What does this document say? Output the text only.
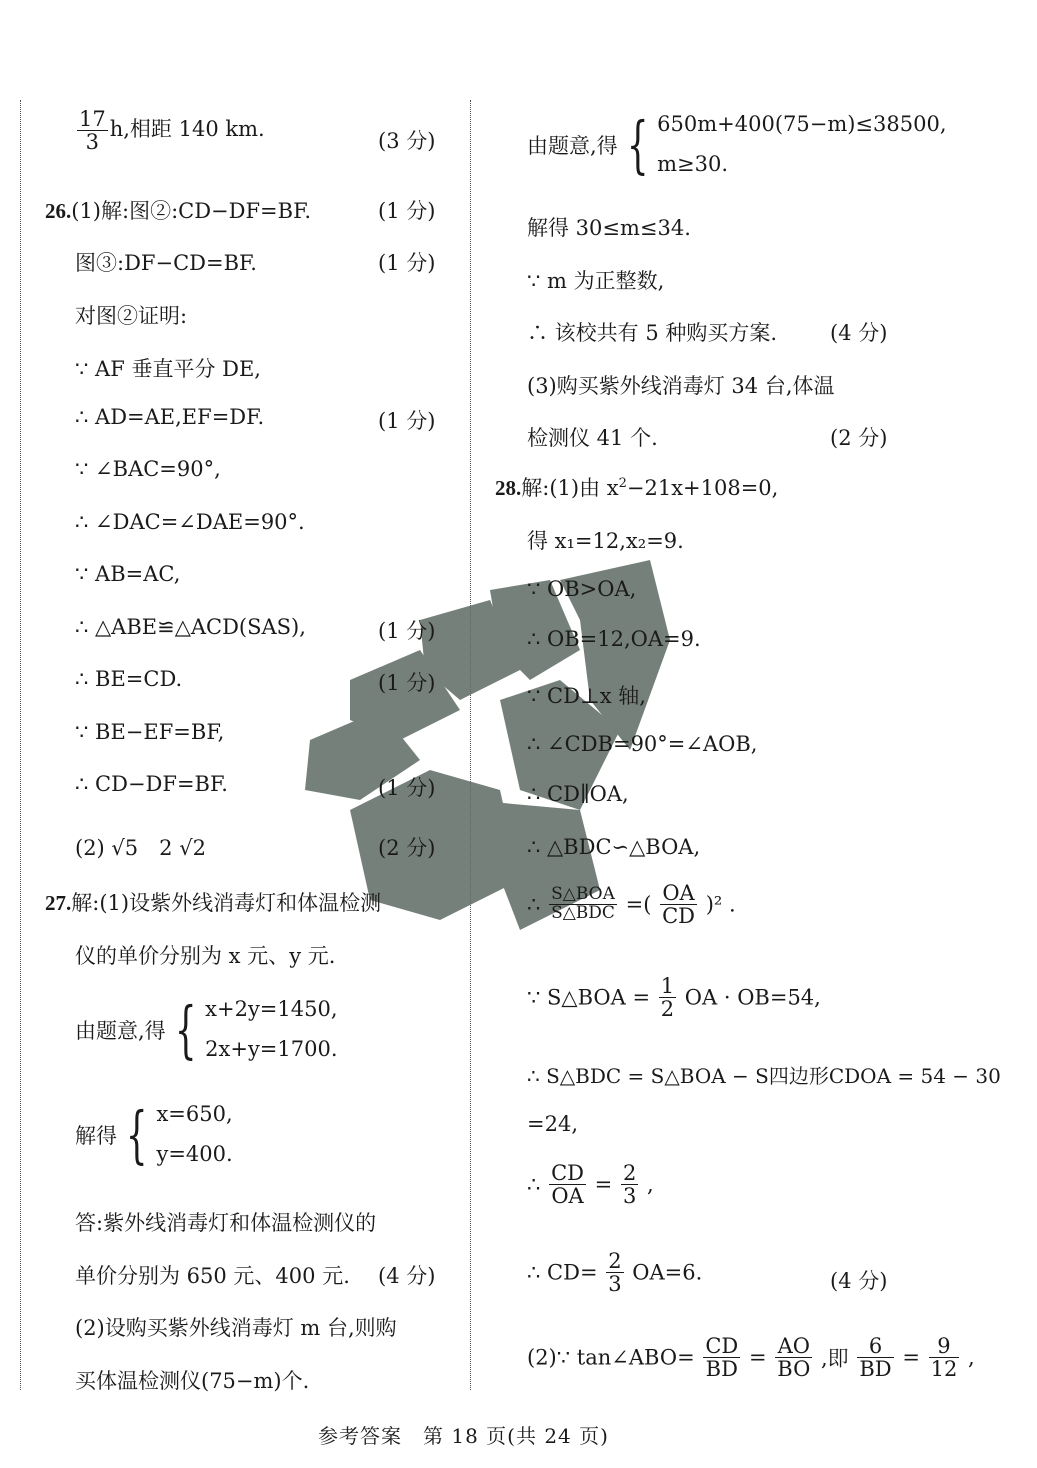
$\frac{17}{3} h$,相距 140 km.	(3 分)
26.(1)解:图②:CD−DF=BF.	(1 分)
图③:DF−CD=BF.	(1 分)
对图②证明:
∵ AF 垂直平分 DE,
∴ AD=AE,EF=DF.	(1 分)
∵ ∠BAC=90°,
∴ ∠DAC=∠DAE=90°.
∵ AB=AC,
∴ △ABE≌△ACD(SAS),	(1 分)
∴ BE=CD.	(1 分)
∵ BE−EF=BF,
∴ CD−DF=BF.	(1 分)
(2) √5　2 √2	(2 分)
27.解:(1)设紫外线消毒灯和体温检测
仪的单价分别为 x 元、y 元.
由题意,得 { x+2y=1450,
2x+y=1700.
解得 { x=650,
y=400.
答:紫外线消毒灯和体温检测仪的
单价分别为 650 元、400 元. (4 分)
(2)设购买紫外线消毒灯 m 台,则购
买体温检测仪(75−m)个.
由题意,得 { 650m+400(75−m)≤38500,
m≥30.
解得 30≤m≤34.
∵ m 为正整数,
∴ 该校共有 5 种购买方案.	(4 分)
(3)购买紫外线消毒灯 34 台,体温
检测仪 41 个.	(2 分)
28.解:(1)由 $x^2-21x+108=0$,
得 x₁=12,x₂=9.
∵ OB>OA,
∴ OB=12,OA=9.
∵ CD⊥x 轴,
∴ ∠CDB=90°=∠AOB,
∴ CD∥OA,
∴ △BDC∽△BOA,
∴ $\frac{\text{S△BOA}}{\text{S△BDC}}$ =( $\frac{OA}{CD} )^2$ .
∵ S△BOA = $\frac{1}{2}$ OA · OB=54,
∴ S△BDC = S△BOA − S四边形CDOA = 54 − 30
=24,
∴ $\frac{CD}{OA} = \frac{2}{3}$ ,
∴ $CD= \frac{2}{3} OA=6$.	(4 分)
(2)∵ tan∠ABO= $\frac{CD}{BD} = \frac{AO}{BO}$ ,即 $\frac{6}{BD} = \frac{9}{12}$ ,
参考答案　第 18 页(共 24 页)
